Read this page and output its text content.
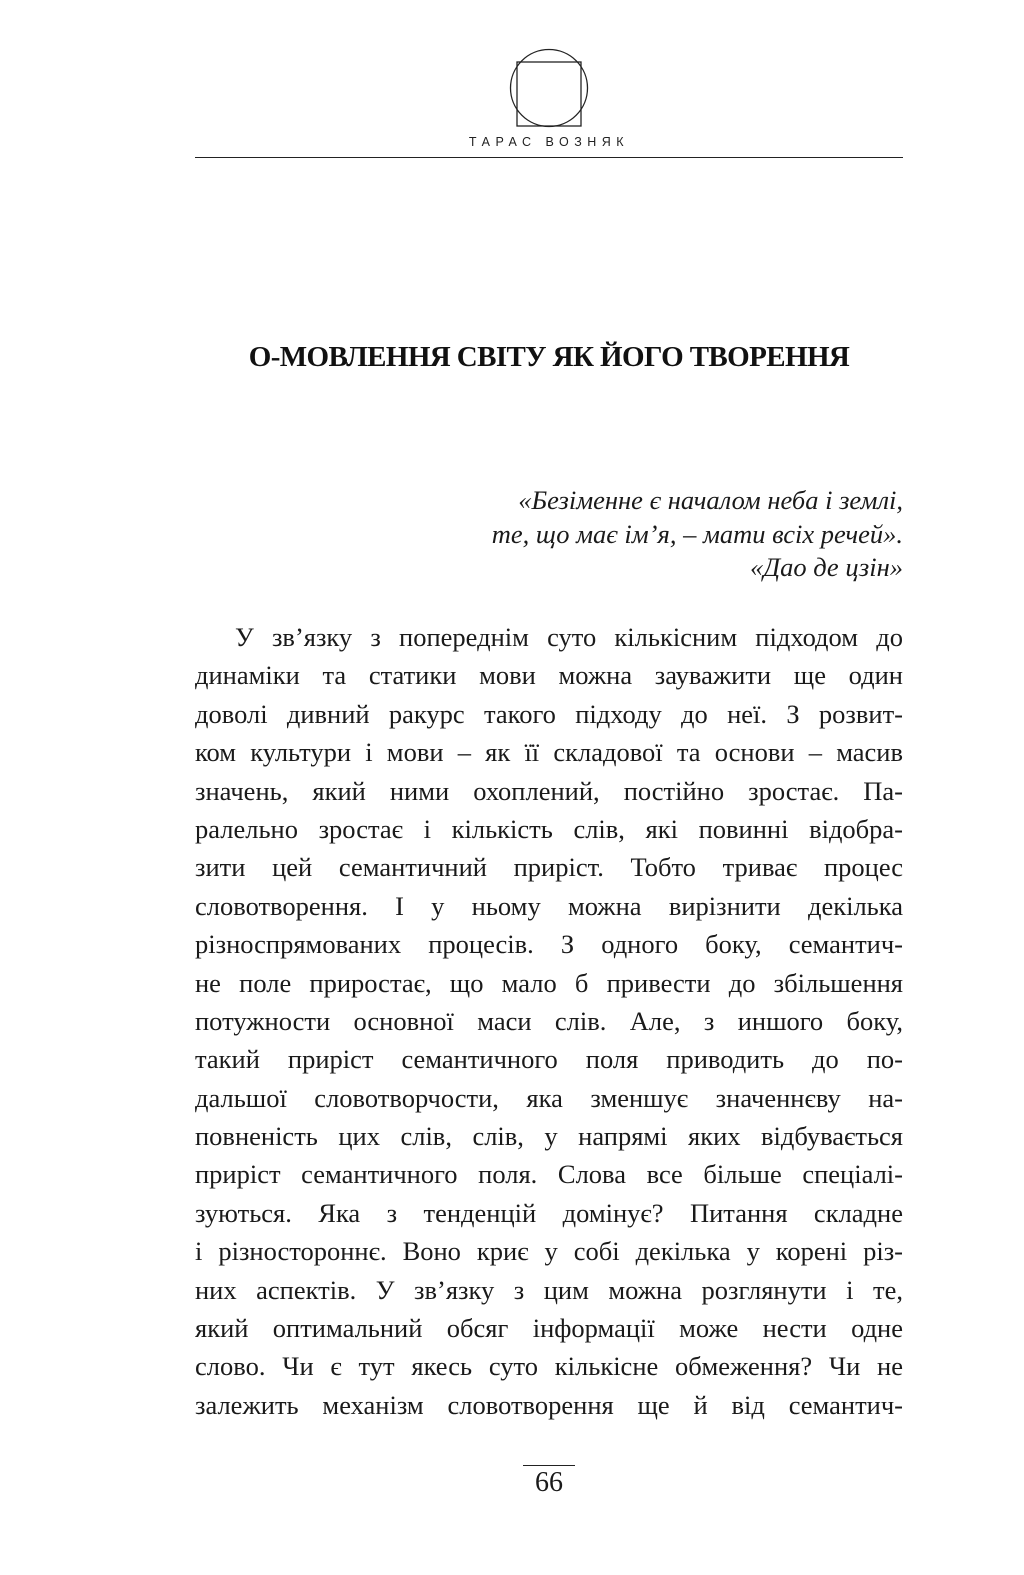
ТАРАС ВОЗНЯК
О-МОВЛЕННЯ СВІТУ ЯК ЙОГО ТВОРЕННЯ
«Безіменне є началом неба і землі,
те, що має ім’я, – мати всіх речей».
«Дао де цзін»
У зв’язку з попереднім суто кількісним підходом до
динаміки та статики мови можна зауважити ще один
доволі дивний ракурс такого підходу до неї. З розвит-
ком культури і мови – як її складової та основи – масив
значень, який ними охоплений, постійно зростає. Па-
ралельно зростає і кількість слів, які повинні відобра-
зити цей семантичний приріст. Тобто триває процес
словотворення. І у ньому можна вирізнити декілька
різноспрямованих процесів. З одного боку, семантич-
не поле приростає, що мало б привести до збільшення
потужности основної маси слів. Але, з иншого боку,
такий приріст семантичного поля приводить до по-
дальшої словотворчости, яка зменшує значеннєву на-
повненість цих слів, слів, у напрямі яких відбувається
приріст семантичного поля. Слова все більше спеціалі-
зуються. Яка з тенденцій домінує? Питання складне
і різностороннє. Воно криє у собі декілька у корені різ-
них аспектів. У зв’язку з цим можна розглянути і те,
який оптимальний обсяг інформації може нести одне
слово. Чи є тут якесь суто кількісне обмеження? Чи не
залежить механізм словотворення ще й від семантич-
66
